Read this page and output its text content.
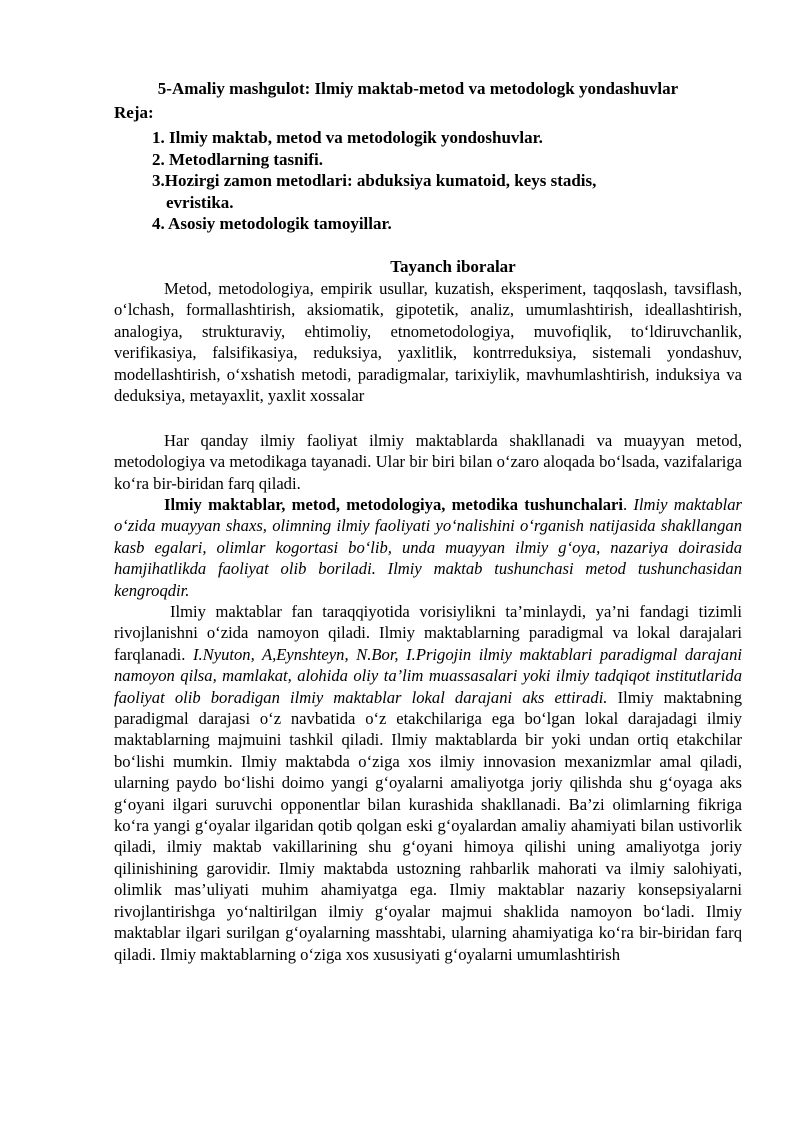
5-Amaliy mashgulot: Ilmiy maktab-metod va metodologk yondashuvlar
Reja:
1. Ilmiy maktab, metod va metodologik yondoshuvlar.
2. Metodlarning tasnifi.
3.Hozirgi zamon metodlari: abduksiya kumatoid, keys stadis,
evristika.
4. Asosiy metodologik tamoyillar.
Tayanch iboralar
Metod, metodologiya, empirik usullar, kuzatish, eksperiment, taqqoslash, tavsiflash, o‘lchash, formallashtirish, aksiomatik, gipotetik, analiz, umumlashtirish, ideallashtirish, analogiya, strukturaviy, ehtimoliy, etnometodologiya, muvofiqlik, to‘ldiruvchanlik, verifikasiya, falsifikasiya, reduksiya, yaxlitlik, kontrreduksiya, sistemali yondashuv, modellashtirish, o‘xshatish metodi, paradigmalar, tarixiylik, mavhumlashtirish, induksiya va deduksiya, metayaxlit, yaxlit xossalar
Har qanday ilmiy faoliyat ilmiy maktablarda shakllanadi va muayyan metod, metodologiya va metodikaga tayanadi. Ular bir biri bilan o‘zaro aloqada bo‘lsada, vazifalariga ko‘ra bir-biridan farq qiladi.
Ilmiy maktablar, metod, metodologiya, metodika tushunchalari. Ilmiy maktablar o‘zida muayyan shaxs, olimning ilmiy faoliyati yo‘nalishini o‘rganish natijasida shakllangan kasb egalari, olimlar kogortasi bo‘lib, unda muayyan ilmiy g‘oya, nazariya doirasida hamjihatlikda faoliyat olib boriladi. Ilmiy maktab tushunchasi metod tushunchasidan kengroqdir.
Ilmiy maktablar fan taraqqiyotida vorisiylikni ta’minlaydi, ya’ni fandagi tizimli rivojlanishni o‘zida namoyon qiladi. Ilmiy maktablarning paradigmal va lokal darajalari farqlanadi. I.Nyuton, A,Eynshteyn, N.Bor, I.Prigojin ilmiy maktablari paradigmal darajani namoyon qilsa, mamlakat, alohida oliy ta’lim muassasalari yoki ilmiy tadqiqot institutlarida faoliyat olib boradigan ilmiy maktablar lokal darajani aks ettiradi. Ilmiy maktabning paradigmal darajasi o‘z navbatida o‘z etakchilariga ega bo‘lgan lokal darajadagi ilmiy maktablarning majmuini tashkil qiladi. Ilmiy maktablarda bir yoki undan ortiq etakchilar bo‘lishi mumkin. Ilmiy maktabda o‘ziga xos ilmiy innovasion mexanizmlar amal qiladi, ularning paydo bo‘lishi doimo yangi g‘oyalarni amaliyotga joriy qilishda shu g‘oyaga aks g‘oyani ilgari suruvchi opponentlar bilan kurashida shakllanadi. Ba’zi olimlarning fikriga ko‘ra yangi g‘oyalar ilgaridan qotib qolgan eski g‘oyalardan amaliy ahamiyati bilan ustivorlik qiladi, ilmiy maktab vakillarining shu g‘oyani himoya qilishi uning amaliyotga joriy qilinishining garovidir. Ilmiy maktabda ustozning rahbarlik mahorati va ilmiy salohiyati, olimlik mas’uliyati muhim ahamiyatga ega. Ilmiy maktablar nazariy konsepsiyalarni rivojlantirishga yo‘naltirilgan ilmiy g‘oyalar majmui shaklida namoyon bo‘ladi. Ilmiy maktablar ilgari surilgan g‘oyalarning masshtabi, ularning ahamiyatiga ko‘ra bir-biridan farq qiladi. Ilmiy maktablarning o‘ziga xos xususiyati g‘oyalarni umumlashtirish
